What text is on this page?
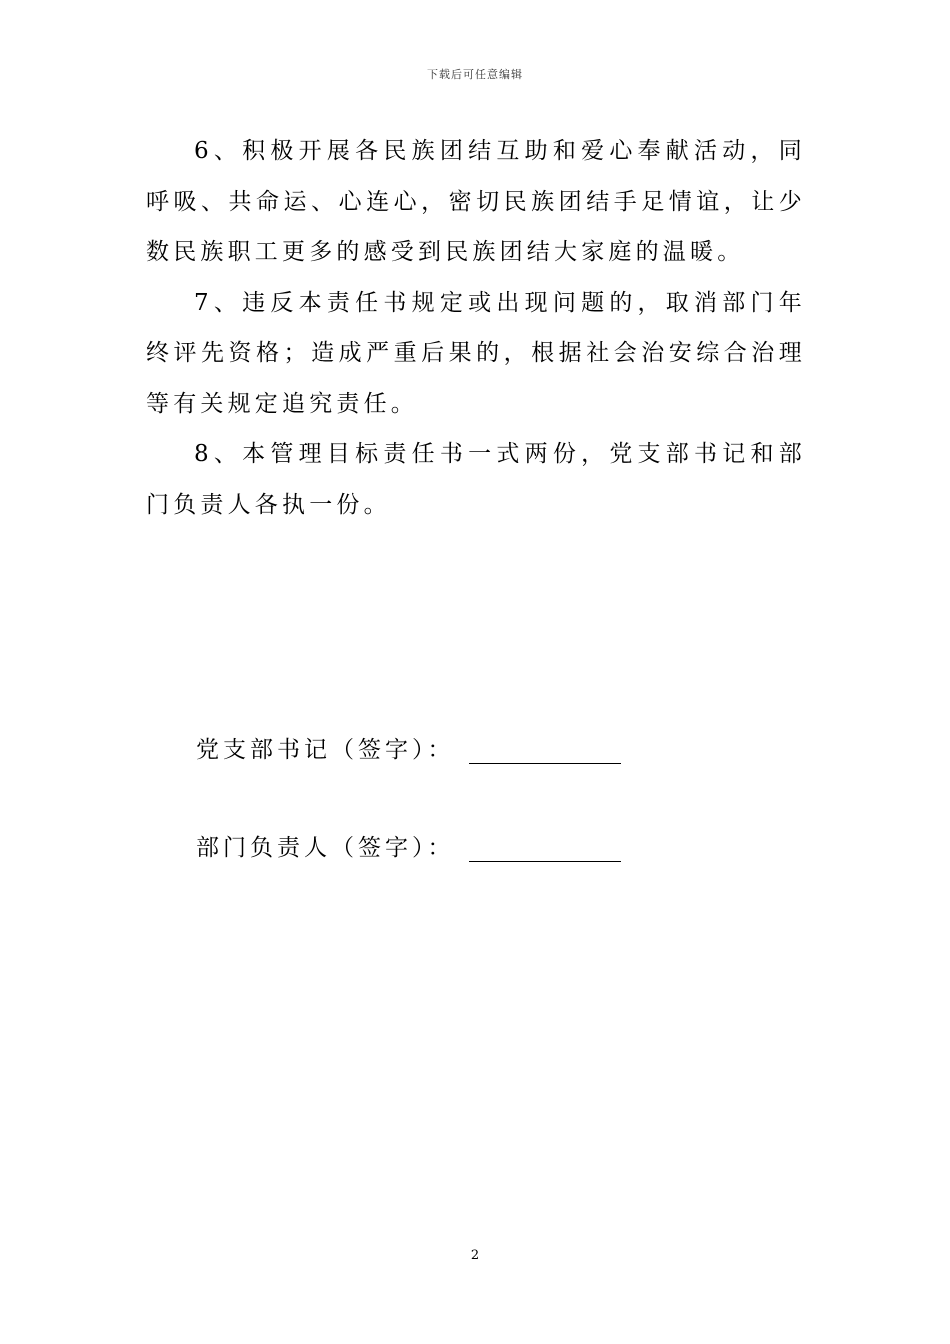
下载后可任意编辑

6、积极开展各民族团结互助和爱心奉献活动，同呼吸、共命运、心连心，密切民族团结手足情谊，让少数民族职工更多的感受到民族团结大家庭的温暖。

7、违反本责任书规定或出现问题的，取消部门年终评先资格；造成严重后果的，根据社会治安综合治理等有关规定追究责任。

8、本管理目标责任书一式两份，党支部书记和部门负责人各执一份。

党支部书记（签字）：
部门负责人（签字）：
2
